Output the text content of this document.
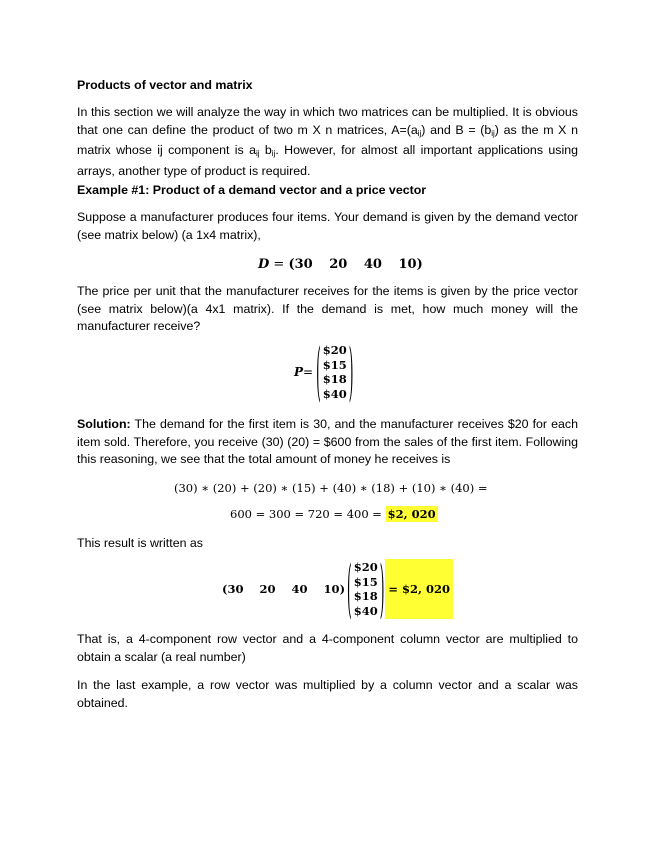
Products of vector and matrix

In this section we will analyze the way in which two matrices can be multiplied. It is obvious that one can define the product of two m X n matrices, $A=(a_{ij})$ and $B = (b_{ij})$ as the m X n matrix whose ij component is $a_{ij}$ $b_{ij}$. However, for almost all important applications using arrays, another type of product is required.

Example #1: Product of a demand vector and a price vector

Suppose a manufacturer produces four items. Your demand is given by the demand vector (see matrix below) (a 1x4 matrix),

D = (30 20 40 10)

The price per unit that the manufacturer receives for the items is given by the price vector (see matrix below)(a 4x1 matrix). If the demand is met, how much money will the manufacturer receive?

P = ( $20
$15
$18
$40 )

Solution: The demand for the first item is 30, and the manufacturer receives $20 for each item sold. Therefore, you receive (30) (20) = $600 from the sales of the first item. Following this reasoning, we see that the total amount of money he receives is

(30) ∗ (20) + (20) ∗ (15) + (40) ∗ (18) + (10) ∗ (40) =
600 = 300 = 720 = 400 = $2, 020

This result is written as

(30 20 40 10) ( $20
$15
$18
$40 ) = $2, 020

That is, a 4-component row vector and a 4-component column vector are multiplied to obtain a scalar (a real number)

In the last example, a row vector was multiplied by a column vector and a scalar was obtained.
